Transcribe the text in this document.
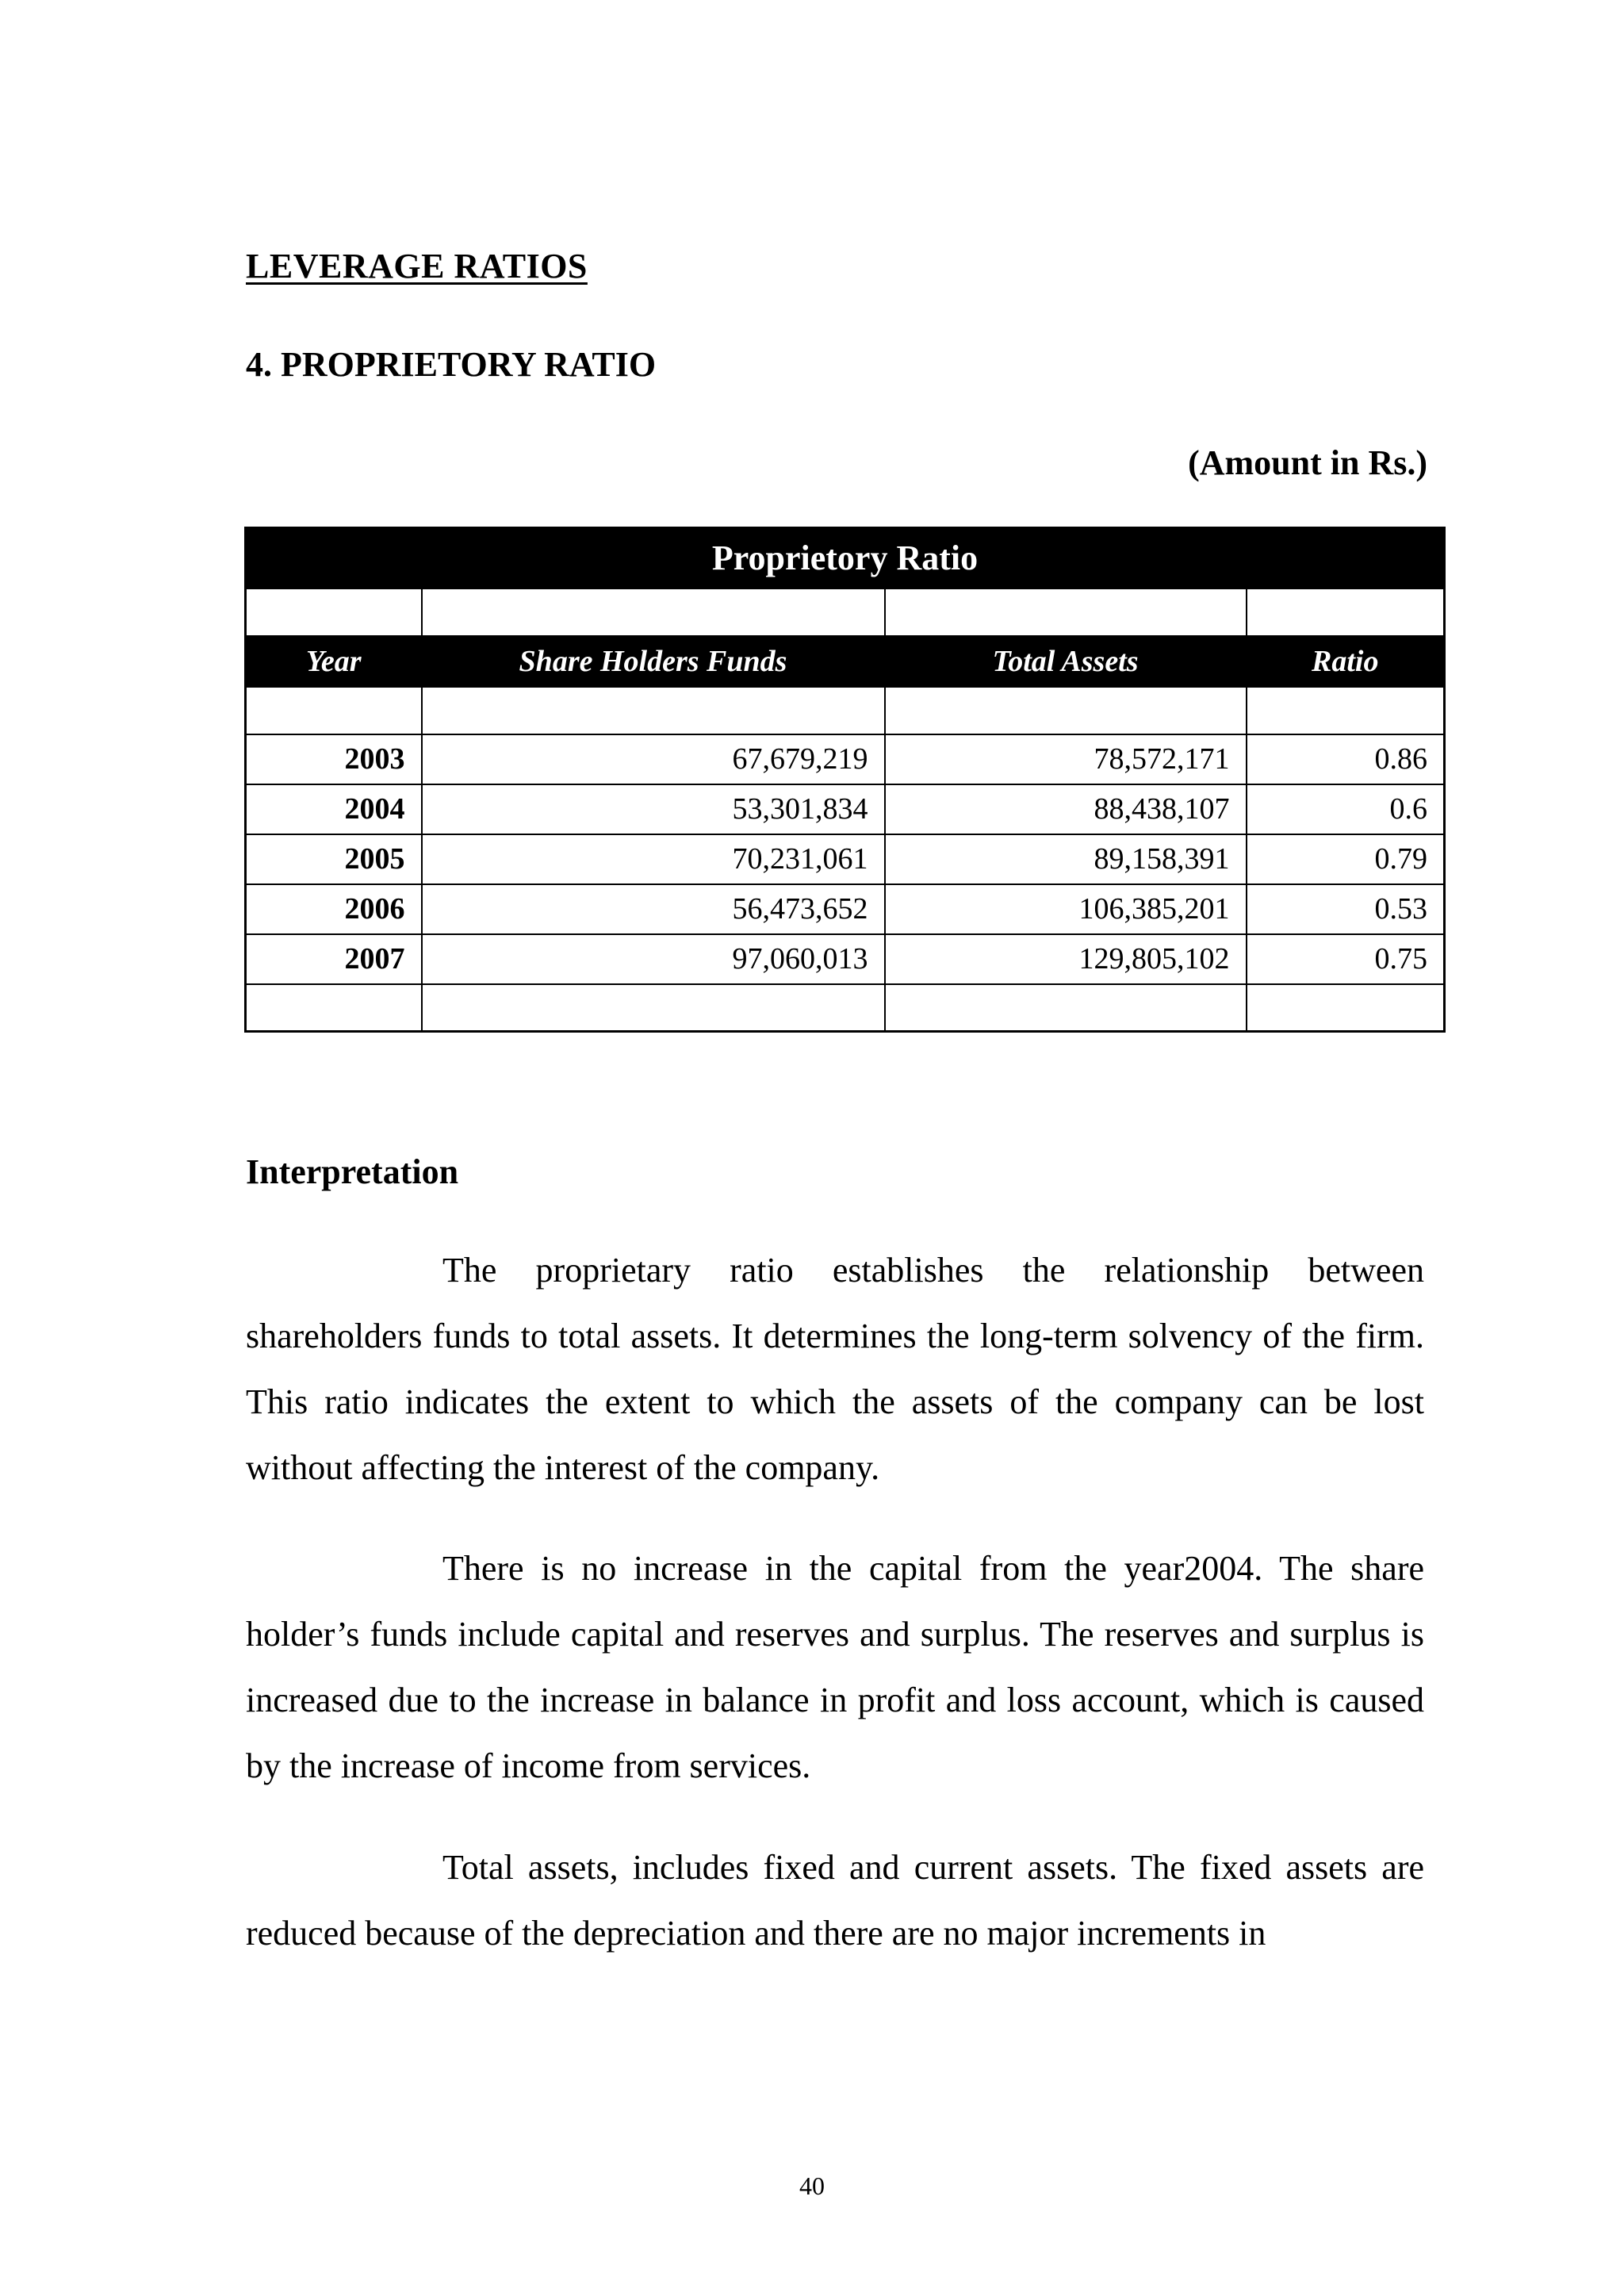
LEVERAGE RATIOS
4. PROPRIETORY RATIO
(Amount in Rs.)
Proprietory Ratio			

Year	Share Holders Funds	Total Assets	Ratio

2003	67,679,219	78,572,171	0.86
2004	53,301,834	88,438,107	0.6
2005	70,231,061	89,158,391	0.79
2006	56,473,652	106,385,201	0.53
2007	97,060,013	129,805,102	0.75

Interpretation

The proprietary ratio establishes the relationship between shareholders funds to total assets. It determines the long-term solvency of the firm. This ratio indicates the extent to which the assets of the company can be lost without affecting the interest of the company.

There is no increase in the capital from the year2004. The share holder’s funds include capital and reserves and surplus. The reserves and surplus is increased due to the increase in balance in profit and loss account, which is caused by the increase of income from services.

Total assets, includes fixed and current assets. The fixed assets are reduced because of the depreciation and there are no major increments in

40
